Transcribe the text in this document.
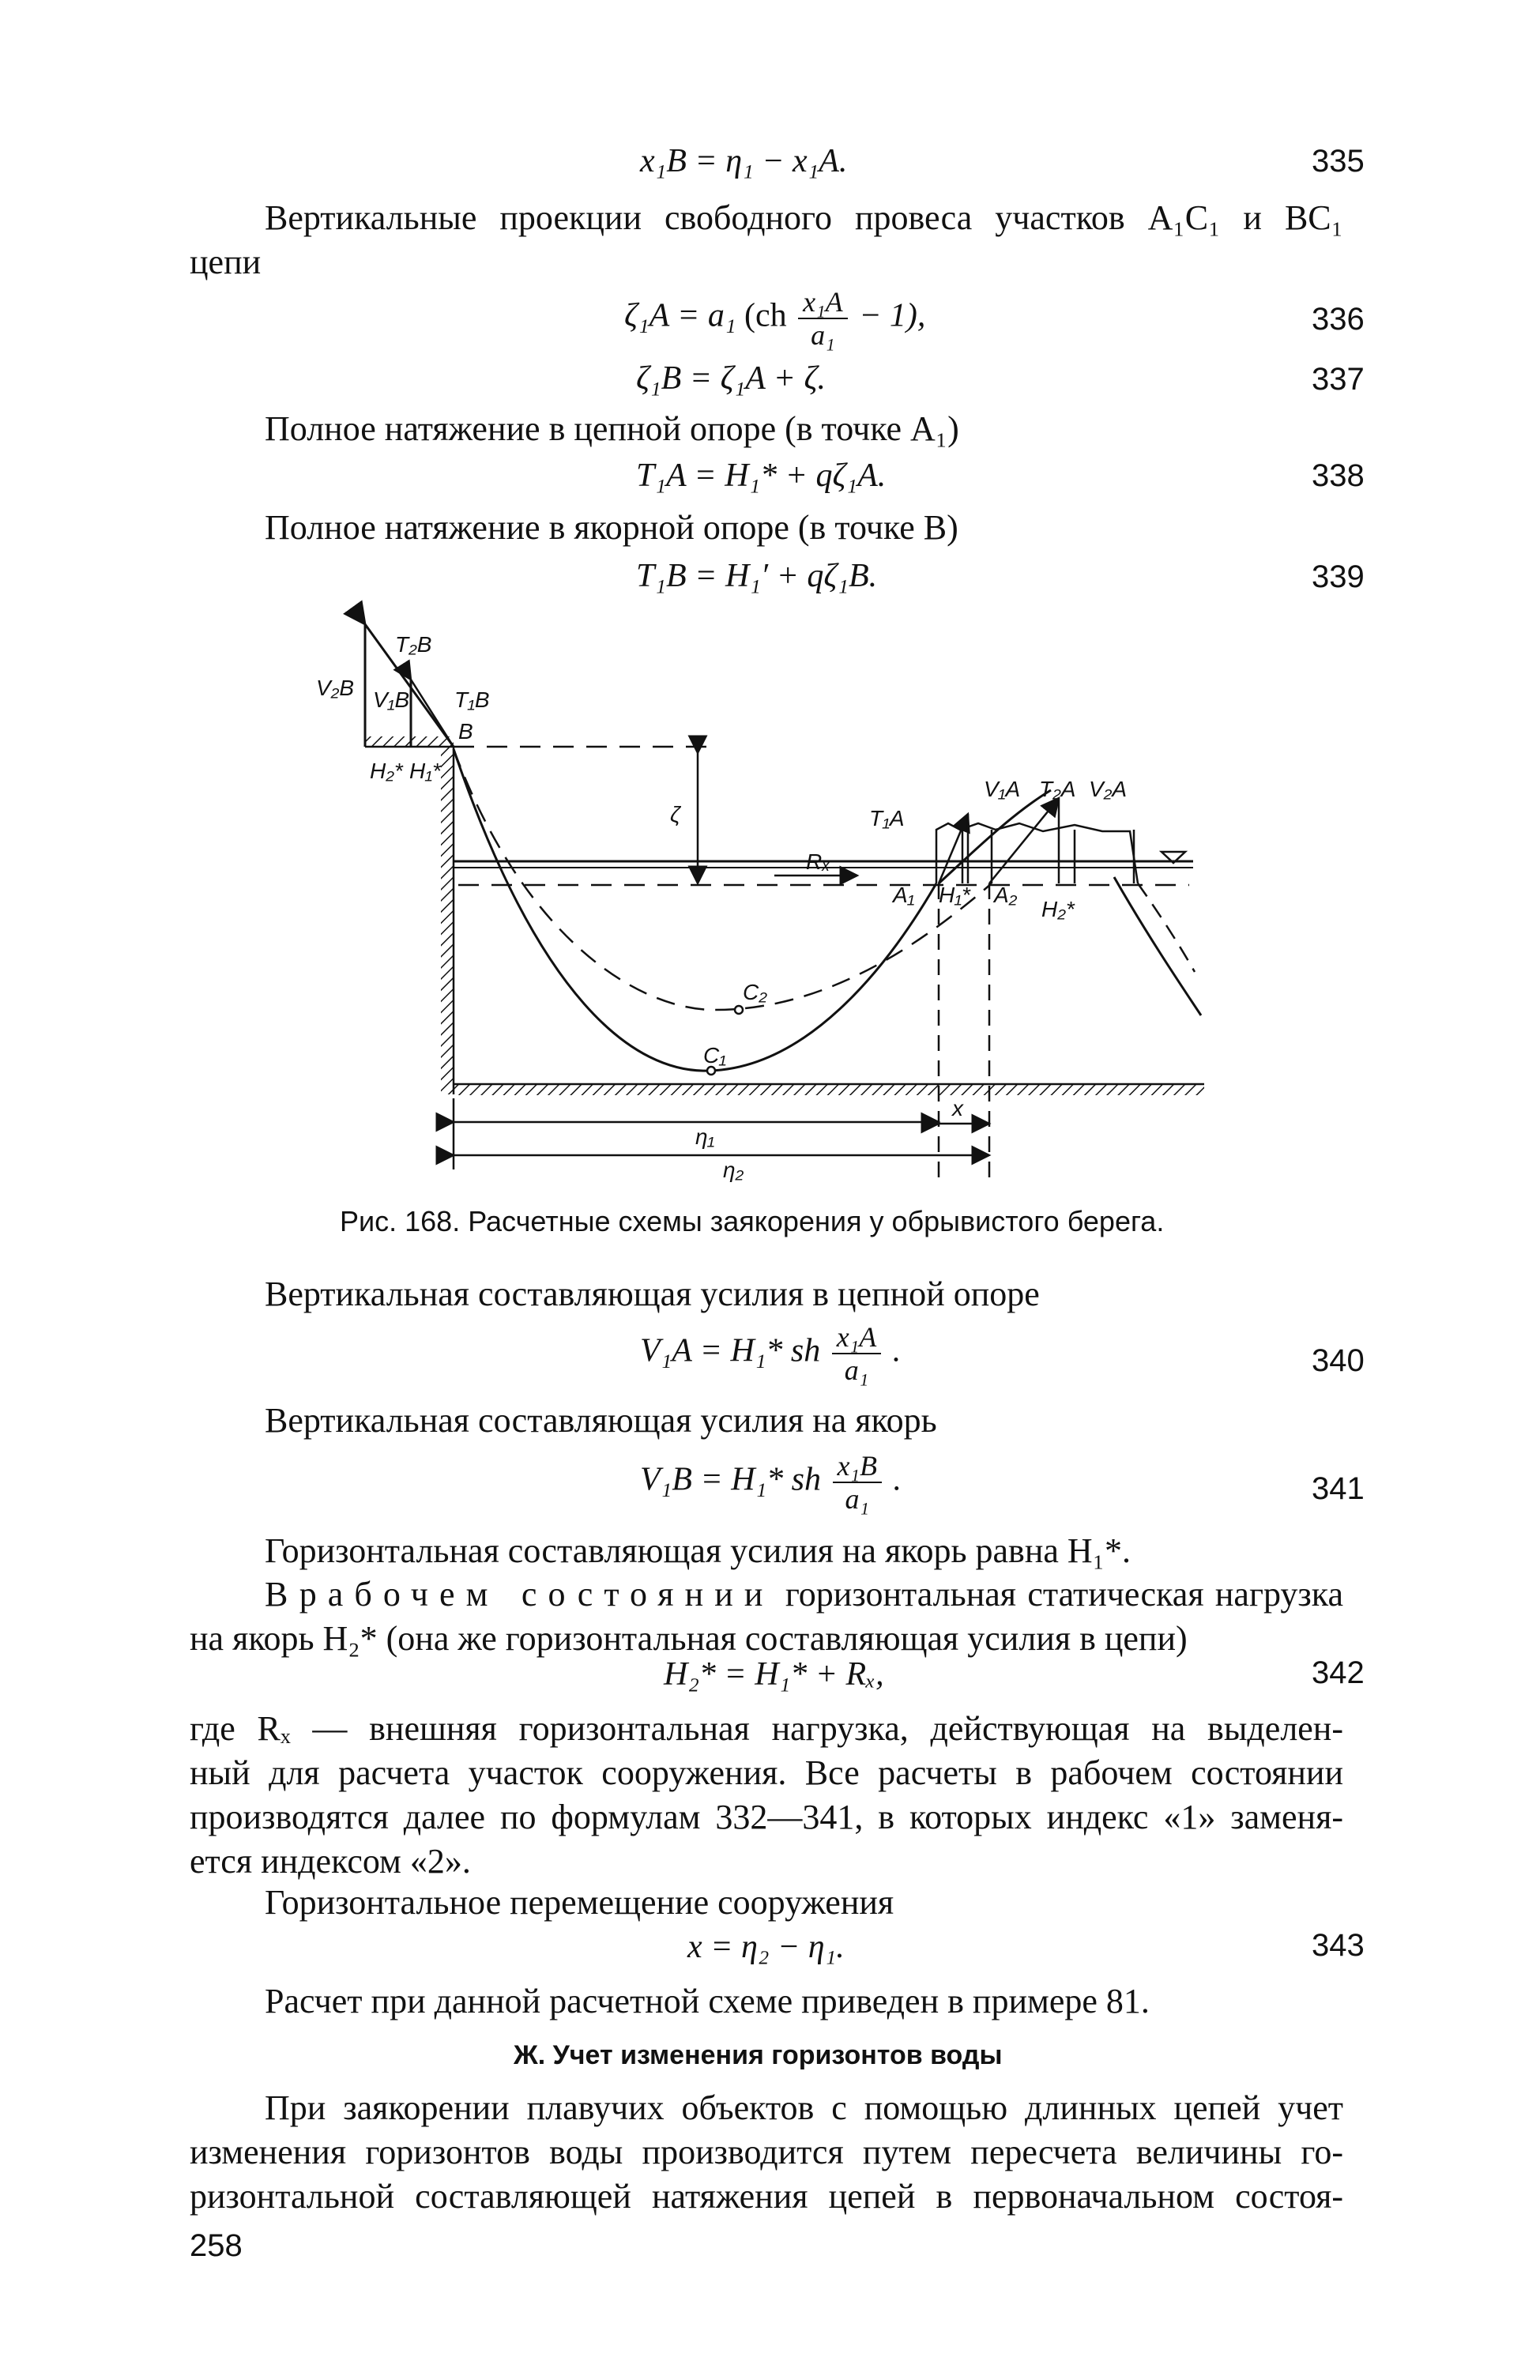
x₁B = η₁ − x₁A.	335
Вертикальные проекции свободного провеса участков A₁C₁ и BC₁
цепи
ζ₁A = a₁ $(ch \frac{\text{x₁A}}{\text{a₁}} - 1)$,	336
ζ₁B = ζ₁A + ζ.	337
Полное натяжение в цепной опоре (в точке A₁)
T₁A = H₁* + qζ₁A.	338
Полное натяжение в якорной опоре (в точке B)
T₁B = H₁′ + qζ₁B.	339
T₂B
V₂B V₁B T₁B
B
H₂* H₁*
ζ
V₁A T₂A V₂A
T₁A
Rₓ
A₁ H₁* A₂
H₂*
C₂
C₁
x
η₁
η₂
Рис. 168. Расчетные схемы заякорения у обрывистого берега.
Вертикальная составляющая усилия в цепной опоре
V₁A = H₁* sh $\frac{\text{x₁A}}{\text{a₁}}$ .	340
Вертикальная составляющая усилия на якорь
V₁B = H₁* sh $\frac{\text{x₁B}}{\text{a₁}}$ .	341
Горизонтальная составляющая усилия на якорь равна H₁*.
В рабочем состоянии горизонтальная статическая нагрузка
на якорь H₂* (она же горизонтальная составляющая усилия в цепи)
H₂* = H₁* + Rₓ,	342
где Rₓ — внешняя горизонтальная нагрузка, действующая на выделен-
ный для расчета участок сооружения. Все расчеты в рабочем состоянии
производятся далее по формулам 332—341, в которых индекс «1» заменя-
ется индексом «2».
Горизонтальное перемещение сооружения
x = η₂ − η₁.	343
Расчет при данной расчетной схеме приведен в примере 81.
Ж. Учет изменения горизонтов воды
При заякорении плавучих объектов с помощью длинных цепей учет
изменения горизонтов воды производится путем пересчета величины го-
ризонтальной составляющей натяжения цепей в первоначальном состоя-
258
